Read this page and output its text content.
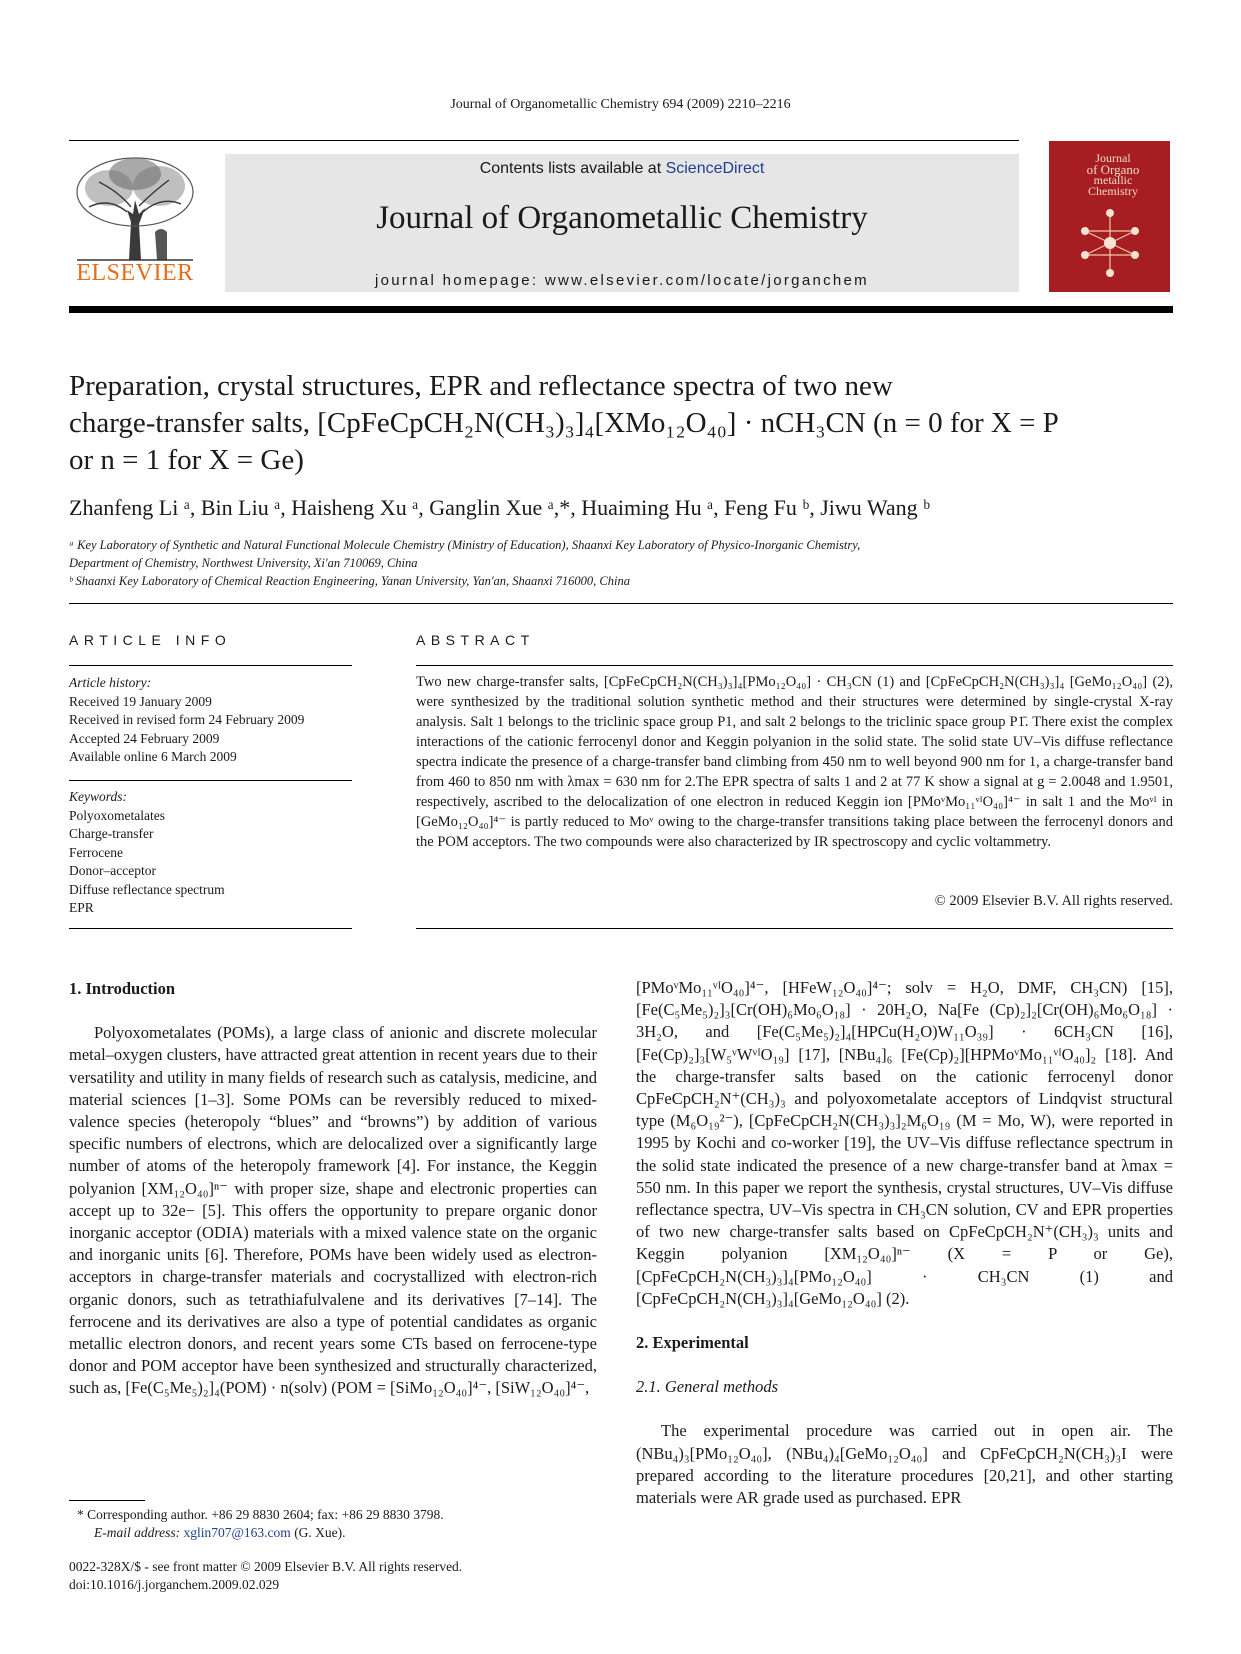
Journal of Organometallic Chemistry 694 (2009) 2210–2216
ELSEVIER
Contents lists available at ScienceDirect
Journal of Organometallic Chemistry
journal homepage: www.elsevier.com/locate/jorganchem
Journal
of Organo
metallic
Chemistry
Preparation, crystal structures, EPR and reflectance spectra of two new
charge-transfer salts, [CpFeCpCH₂N(CH₃)₃]₄[XMo₁₂O₄₀] · nCH₃CN (n = 0 for X = P
or n = 1 for X = Ge)
Zhanfeng Li ᵃ, Bin Liu ᵃ, Haisheng Xu ᵃ, Ganglin Xue ᵃ,*, Huaiming Hu ᵃ, Feng Fu ᵇ, Jiwu Wang ᵇ
ᵃ Key Laboratory of Synthetic and Natural Functional Molecule Chemistry (Ministry of Education), Shaanxi Key Laboratory of Physico-Inorganic Chemistry,
Department of Chemistry, Northwest University, Xi'an 710069, China
ᵇ Shaanxi Key Laboratory of Chemical Reaction Engineering, Yanan University, Yan'an, Shaanxi 716000, China
ARTICLE INFO	ABSTRACT
Article history:
Received 19 January 2009
Received in revised form 24 February 2009
Accepted 24 February 2009
Available online 6 March 2009
Keywords:
Polyoxometalates
Charge-transfer
Ferrocene
Donor–acceptor
Diffuse reflectance spectrum
EPR
Two new charge-transfer salts, [CpFeCpCH₂N(CH₃)₃]₄[PMo₁₂O₄₀] · CH₃CN (1) and [CpFeCpCH₂N(CH₃)₃]₄ [GeMo₁₂O₄₀] (2), were synthesized by the traditional solution synthetic method and their structures were determined by single-crystal X-ray analysis. Salt 1 belongs to the triclinic space group P1, and salt 2 belongs to the triclinic space group P1̄. There exist the complex interactions of the cationic ferrocenyl donor and Keggin polyanion in the solid state. The solid state UV–Vis diffuse reflectance spectra indicate the presence of a charge-transfer band climbing from 450 nm to well beyond 900 nm for 1, a charge-transfer band from 460 to 850 nm with λmax = 630 nm for 2.The EPR spectra of salts 1 and 2 at 77 K show a signal at g = 2.0048 and 1.9501, respectively, ascribed to the delocalization of one electron in reduced Keggin ion [PMoᵛMo₁₁ᵛᴵO₄₀]⁴⁻ in salt 1 and the Moᵛᴵ in [GeMo₁₂O₄₀]⁴⁻ is partly reduced to Moᵛ owing to the charge-transfer transitions taking place between the ferrocenyl donors and the POM acceptors. The two compounds were also characterized by IR spectroscopy and cyclic voltammetry.
© 2009 Elsevier B.V. All rights reserved.
1. Introduction

Polyoxometalates (POMs), a large class of anionic and discrete molecular metal–oxygen clusters, have attracted great attention in recent years due to their versatility and utility in many fields of research such as catalysis, medicine, and material sciences [1–3]. Some POMs can be reversibly reduced to mixed-valence species (heteropoly “blues” and “browns”) by addition of various specific numbers of electrons, which are delocalized over a significantly large number of atoms of the heteropoly framework [4]. For instance, the Keggin polyanion [XM₁₂O₄₀]ⁿ⁻ with proper size, shape and electronic properties can accept up to 32e− [5]. This offers the opportunity to prepare organic donor inorganic acceptor (ODIA) materials with a mixed valence state on the organic and inorganic units [6]. Therefore, POMs have been widely used as electron-acceptors in charge-transfer materials and cocrystallized with electron-rich organic donors, such as tetrathiafulvalene and its derivatives [7–14]. The ferrocene and its derivatives are also a type of potential candidates as organic metallic electron donors, and recent years some CTs based on ferrocene-type donor and POM acceptor have been synthesized and structurally characterized, such as, [Fe(C₅Me₅)₂]₄(POM) · n(solv) (POM = [SiMo₁₂O₄₀]⁴⁻, [SiW₁₂O₄₀]⁴⁻,

[PMoᵛMo₁₁ᵛᴵO₄₀]⁴⁻, [HFeW₁₂O₄₀]⁴⁻; solv = H₂O, DMF, CH₃CN) [15], [Fe(C₅Me₅)₂]₃[Cr(OH)₆Mo₆O₁₈] · 20H₂O, Na[Fe (Cp)₂]₂[Cr(OH)₆Mo₆O₁₈] · 3H₂O, and [Fe(C₅Me₅)₂]₄[HPCu(H₂O)W₁₁O₃₉] · 6CH₃CN [16], [Fe(Cp)₂]₃[W₅ᵛWᵛᴵO₁₉] [17], [NBu₄]₆ [Fe(Cp)₂][HPMoᵛMo₁₁ᵛᴵO₄₀]₂ [18]. And the charge-transfer salts based on the cationic ferrocenyl donor CpFeCpCH₂N⁺(CH₃)₃ and polyoxometalate acceptors of Lindqvist structural type (M₆O₁₉²⁻), [CpFeCpCH₂N(CH₃)₃]₂M₆O₁₉ (M = Mo, W), were reported in 1995 by Kochi and co-worker [19], the UV–Vis diffuse reflectance spectrum in the solid state indicated the presence of a new charge-transfer band at λmax = 550 nm. In this paper we report the synthesis, crystal structures, UV–Vis diffuse reflectance spectra, UV–Vis spectra in CH₃CN solution, CV and EPR properties of two new charge-transfer salts based on CpFeCpCH₂N⁺(CH₃)₃ units and Keggin polyanion [XM₁₂O₄₀]ⁿ⁻ (X = P or Ge), [CpFeCpCH₂N(CH₃)₃]₄[PMo₁₂O₄₀] · CH₃CN (1) and [CpFeCpCH₂N(CH₃)₃]₄[GeMo₁₂O₄₀] (2).

2. Experimental
2.1. General methods

The experimental procedure was carried out in open air. The (NBu₄)₃[PMo₁₂O₄₀], (NBu₄)₄[GeMo₁₂O₄₀] and CpFeCpCH₂N(CH₃)₃I were prepared according to the literature procedures [20,21], and other starting materials were AR grade used as purchased. EPR

* Corresponding author. +86 29 8830 2604; fax: +86 29 8830 3798.
E-mail address: xglin707@163.com (G. Xue).
0022-328X/$ - see front matter © 2009 Elsevier B.V. All rights reserved.
doi:10.1016/j.jorganchem.2009.02.029
